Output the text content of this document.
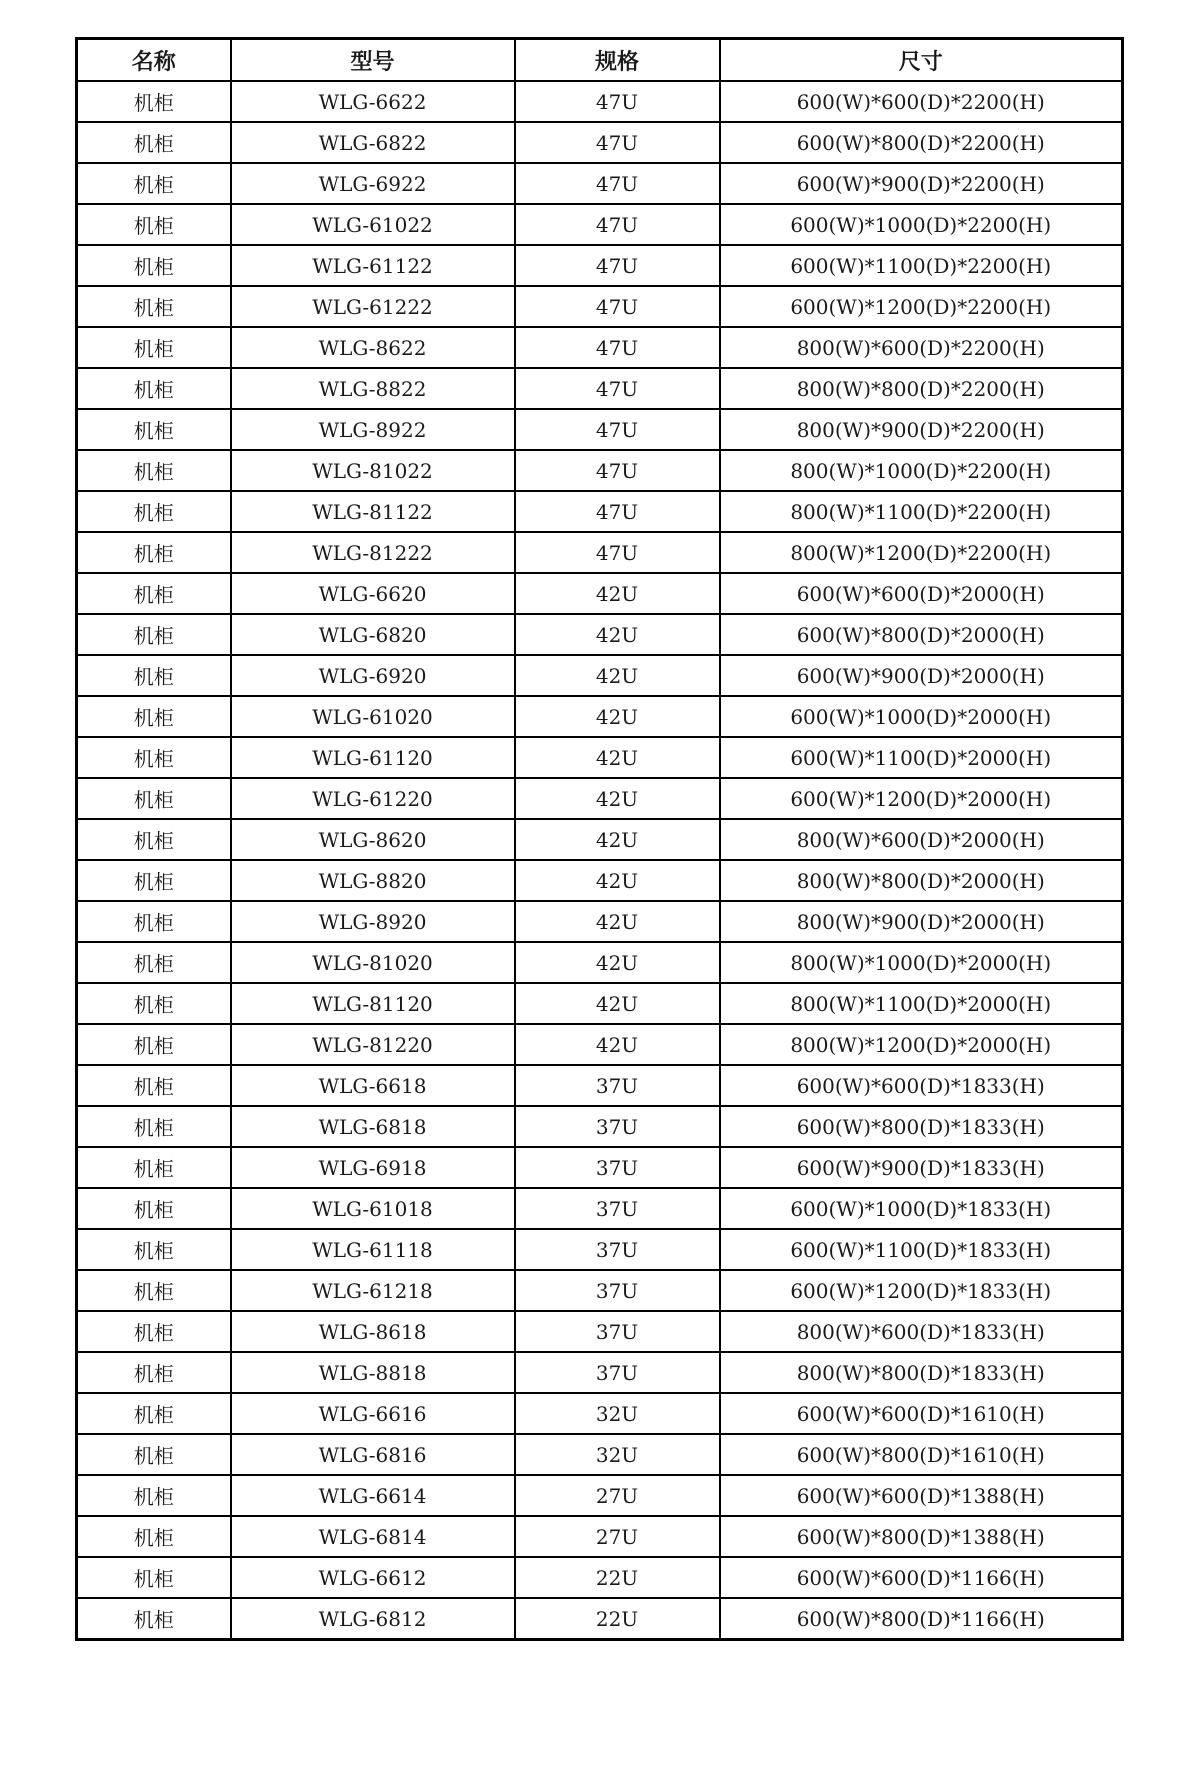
名称	型号	规格	尺寸
机柜	WLG-6622	47U	600(W)*600(D)*2200(H)
机柜	WLG-6822	47U	600(W)*800(D)*2200(H)
机柜	WLG-6922	47U	600(W)*900(D)*2200(H)
机柜	WLG-61022	47U	600(W)*1000(D)*2200(H)
机柜	WLG-61122	47U	600(W)*1100(D)*2200(H)
机柜	WLG-61222	47U	600(W)*1200(D)*2200(H)
机柜	WLG-8622	47U	800(W)*600(D)*2200(H)
机柜	WLG-8822	47U	800(W)*800(D)*2200(H)
机柜	WLG-8922	47U	800(W)*900(D)*2200(H)
机柜	WLG-81022	47U	800(W)*1000(D)*2200(H)
机柜	WLG-81122	47U	800(W)*1100(D)*2200(H)
机柜	WLG-81222	47U	800(W)*1200(D)*2200(H)
机柜	WLG-6620	42U	600(W)*600(D)*2000(H)
机柜	WLG-6820	42U	600(W)*800(D)*2000(H)
机柜	WLG-6920	42U	600(W)*900(D)*2000(H)
机柜	WLG-61020	42U	600(W)*1000(D)*2000(H)
机柜	WLG-61120	42U	600(W)*1100(D)*2000(H)
机柜	WLG-61220	42U	600(W)*1200(D)*2000(H)
机柜	WLG-8620	42U	800(W)*600(D)*2000(H)
机柜	WLG-8820	42U	800(W)*800(D)*2000(H)
机柜	WLG-8920	42U	800(W)*900(D)*2000(H)
机柜	WLG-81020	42U	800(W)*1000(D)*2000(H)
机柜	WLG-81120	42U	800(W)*1100(D)*2000(H)
机柜	WLG-81220	42U	800(W)*1200(D)*2000(H)
机柜	WLG-6618	37U	600(W)*600(D)*1833(H)
机柜	WLG-6818	37U	600(W)*800(D)*1833(H)
机柜	WLG-6918	37U	600(W)*900(D)*1833(H)
机柜	WLG-61018	37U	600(W)*1000(D)*1833(H)
机柜	WLG-61118	37U	600(W)*1100(D)*1833(H)
机柜	WLG-61218	37U	600(W)*1200(D)*1833(H)
机柜	WLG-8618	37U	800(W)*600(D)*1833(H)
机柜	WLG-8818	37U	800(W)*800(D)*1833(H)
机柜	WLG-6616	32U	600(W)*600(D)*1610(H)
机柜	WLG-6816	32U	600(W)*800(D)*1610(H)
机柜	WLG-6614	27U	600(W)*600(D)*1388(H)
机柜	WLG-6814	27U	600(W)*800(D)*1388(H)
机柜	WLG-6612	22U	600(W)*600(D)*1166(H)
机柜	WLG-6812	22U	600(W)*800(D)*1166(H)
